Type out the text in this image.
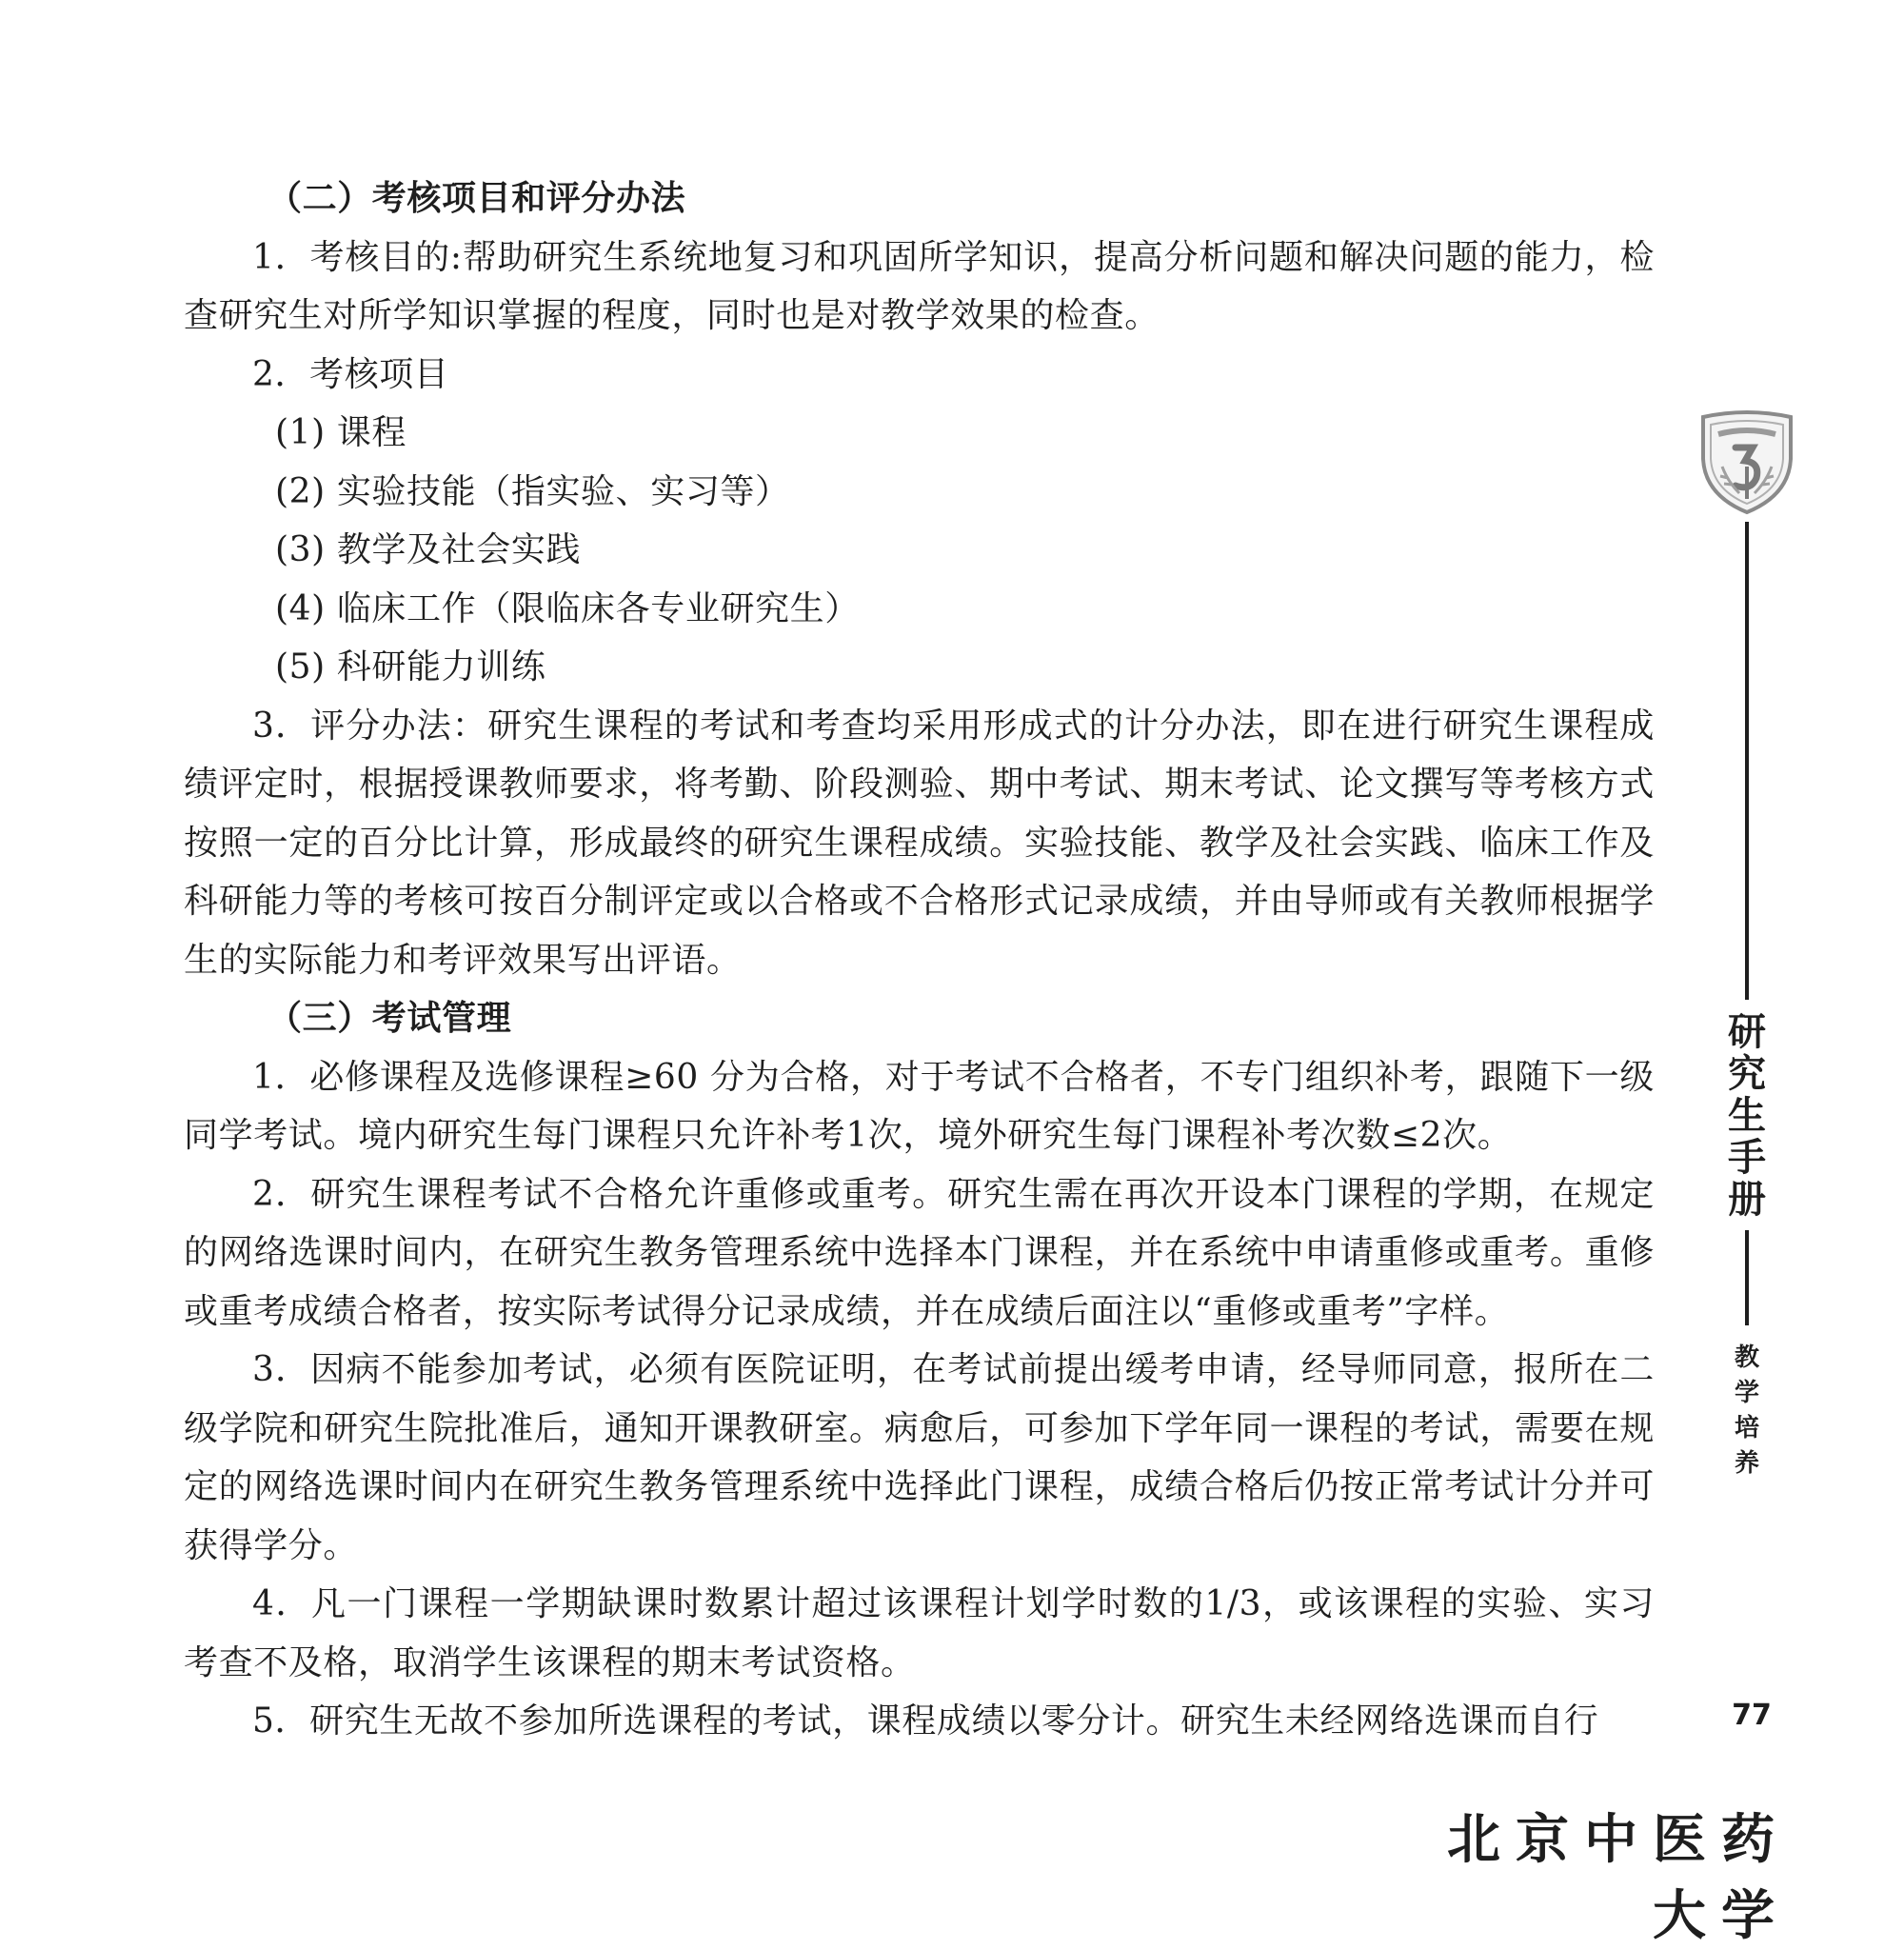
（二）考核项目和评分办法
1．考核目的:帮助研究生系统地复习和巩固所学知识，提高分析问题和解决问题的能力，检查研究生对所学知识掌握的程度，同时也是对教学效果的检查。
2．考核项目
(1) 课程
(2) 实验技能（指实验、实习等）
(3) 教学及社会实践
(4) 临床工作（限临床各专业研究生）
(5) 科研能力训练
3．评分办法：研究生课程的考试和考查均采用形成式的计分办法，即在进行研究生课程成绩评定时，根据授课教师要求，将考勤、阶段测验、期中考试、期末考试、论文撰写等考核方式按照一定的百分比计算，形成最终的研究生课程成绩。实验技能、教学及社会实践、临床工作及科研能力等的考核可按百分制评定或以合格或不合格形式记录成绩，并由导师或有关教师根据学生的实际能力和考评效果写出评语。
（三）考试管理
1．必修课程及选修课程≥60 分为合格，对于考试不合格者，不专门组织补考，跟随下一级同学考试。境内研究生每门课程只允许补考1次，境外研究生每门课程补考次数≤2次。
2．研究生课程考试不合格允许重修或重考。研究生需在再次开设本门课程的学期，在规定的网络选课时间内，在研究生教务管理系统中选择本门课程，并在系统中申请重修或重考。重修或重考成绩合格者，按实际考试得分记录成绩，并在成绩后面注以“重修或重考”字样。
3．因病不能参加考试，必须有医院证明，在考试前提出缓考申请，经导师同意，报所在二级学院和研究生院批准后，通知开课教研室。病愈后，可参加下学年同一课程的考试，需要在规定的网络选课时间内在研究生教务管理系统中选择此门课程，成绩合格后仍按正常考试计分并可获得学分。
4．凡一门课程一学期缺课时数累计超过该课程计划学时数的1/3，或该课程的实验、实习考查不及格，取消学生该课程的期末考试资格。
5．研究生无故不参加所选课程的考试，课程成绩以零分计。研究生未经网络选课而自行
研究生手册
教学培养
77
北京中医药大学
